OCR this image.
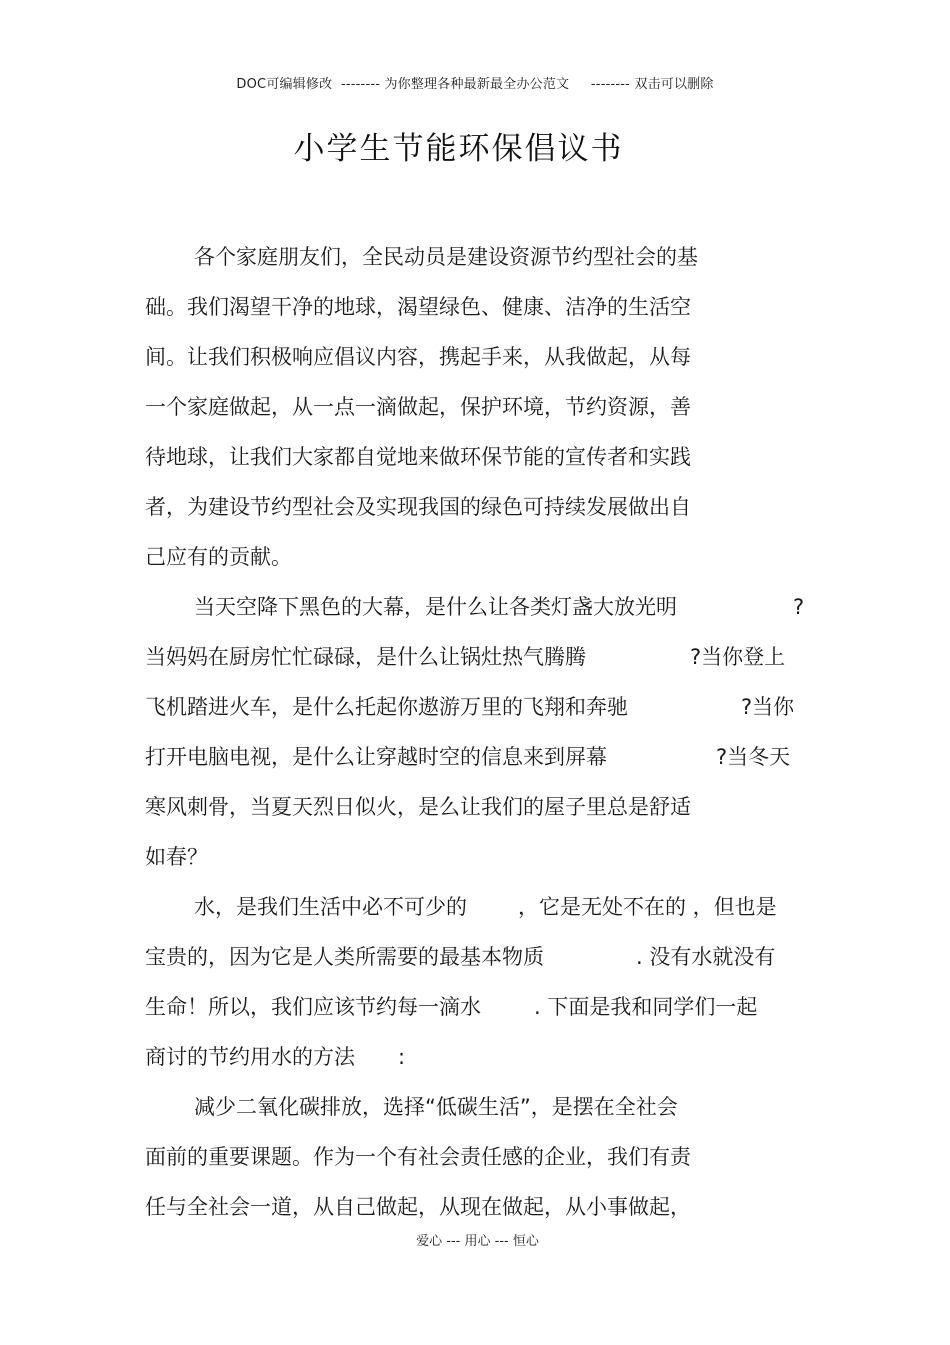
DOC可编辑修改  -------- 为你整理各种最新最全办公范文     -------- 双击可以删除
小学生节能环保倡议书
各个家庭朋友们，全民动员是建设资源节约型社会的基
础。我们渴望干净的地球，渴望绿色、健康、洁净的生活空
间。让我们积极响应倡议内容，携起手来，从我做起，从每
一个家庭做起，从一点一滴做起，保护环境，节约资源，善
待地球，让我们大家都自觉地来做环保节能的宣传者和实践
者，为建设节约型社会及实现我国的绿色可持续发展做出自
己应有的贡献。
当天空降下黑色的大幕，是什么让各类灯盏大放光明	?
当妈妈在厨房忙忙碌碌，是什么让锅灶热气腾腾	?当你登上
飞机踏进火车，是什么托起你遨游万里的飞翔和奔驰	?当你
打开电脑电视，是什么让穿越时空的信息来到屏幕	?当冬天
寒风刺骨，当夏天烈日似火，是么让我们的屋子里总是舒适
如春？
水，是我们生活中必不可少的 ，它是无处不在的 ，但也是
宝贵的，因为它是人类所需要的最基本物质	. 没有水就没有
生命！所以，我们应该节约每一滴水	. 下面是我和同学们一起
商讨的节约用水的方法 :
减少二氧化碳排放，选择“低碳生活”，是摆在全社会
面前的重要课题。作为一个有社会责任感的企业，我们有责
任与全社会一道，从自己做起，从现在做起，从小事做起，
爱心 --- 用心 --- 恒心
